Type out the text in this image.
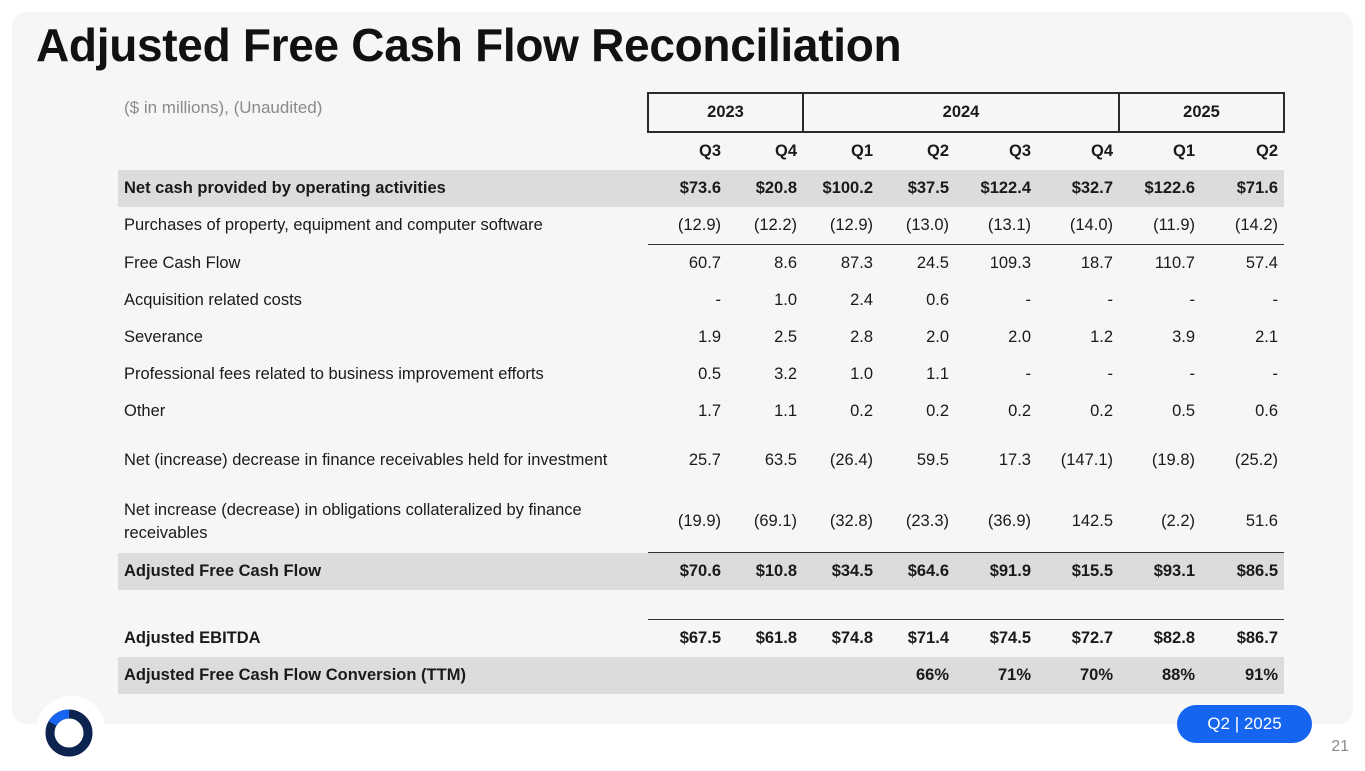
Adjusted Free Cash Flow Reconciliation
($ in millions), (Unaudited)
		2023		2024				2025	
	Q3	Q4	Q1	Q2	Q3	Q4	Q1	Q2
Net cash provided by operating activities	$73.6	$20.8	$100.2	$37.5	$122.4	$32.7	$122.6	$71.6
Purchases of property, equipment and computer software	(12.9)	(12.2)	(12.9)	(13.0)	(13.1)	(14.0)	(11.9)	(14.2)
Free Cash Flow	60.7	8.6	87.3	24.5	109.3	18.7	110.7	57.4
Acquisition related costs	-	1.0	2.4	0.6	-	-	-	-
Severance	1.9	2.5	2.8	2.0	2.0	1.2	3.9	2.1
Professional fees related to business improvement efforts	0.5	3.2	1.0	1.1	-	-	-	-
Other	1.7	1.1	0.2	0.2	0.2	0.2	0.5	0.6
Net (increase) decrease in finance receivables held for investment	25.7	63.5	(26.4)	59.5	17.3	(147.1)	(19.8)	(25.2)
Net increase (decrease) in obligations collateralized by finance receivables	(19.9)	(69.1)	(32.8)	(23.3)	(36.9)	142.5	(2.2)	51.6
Adjusted Free Cash Flow	$70.6	$10.8	$34.5	$64.6	$91.9	$15.5	$93.1	$86.5

Adjusted EBITDA	$67.5	$61.8	$74.8	$71.4	$74.5	$72.7	$82.8	$86.7
Adjusted Free Cash Flow Conversion (TTM)				66%	71%	70%	88%	91%
Q2 | 2025
21
